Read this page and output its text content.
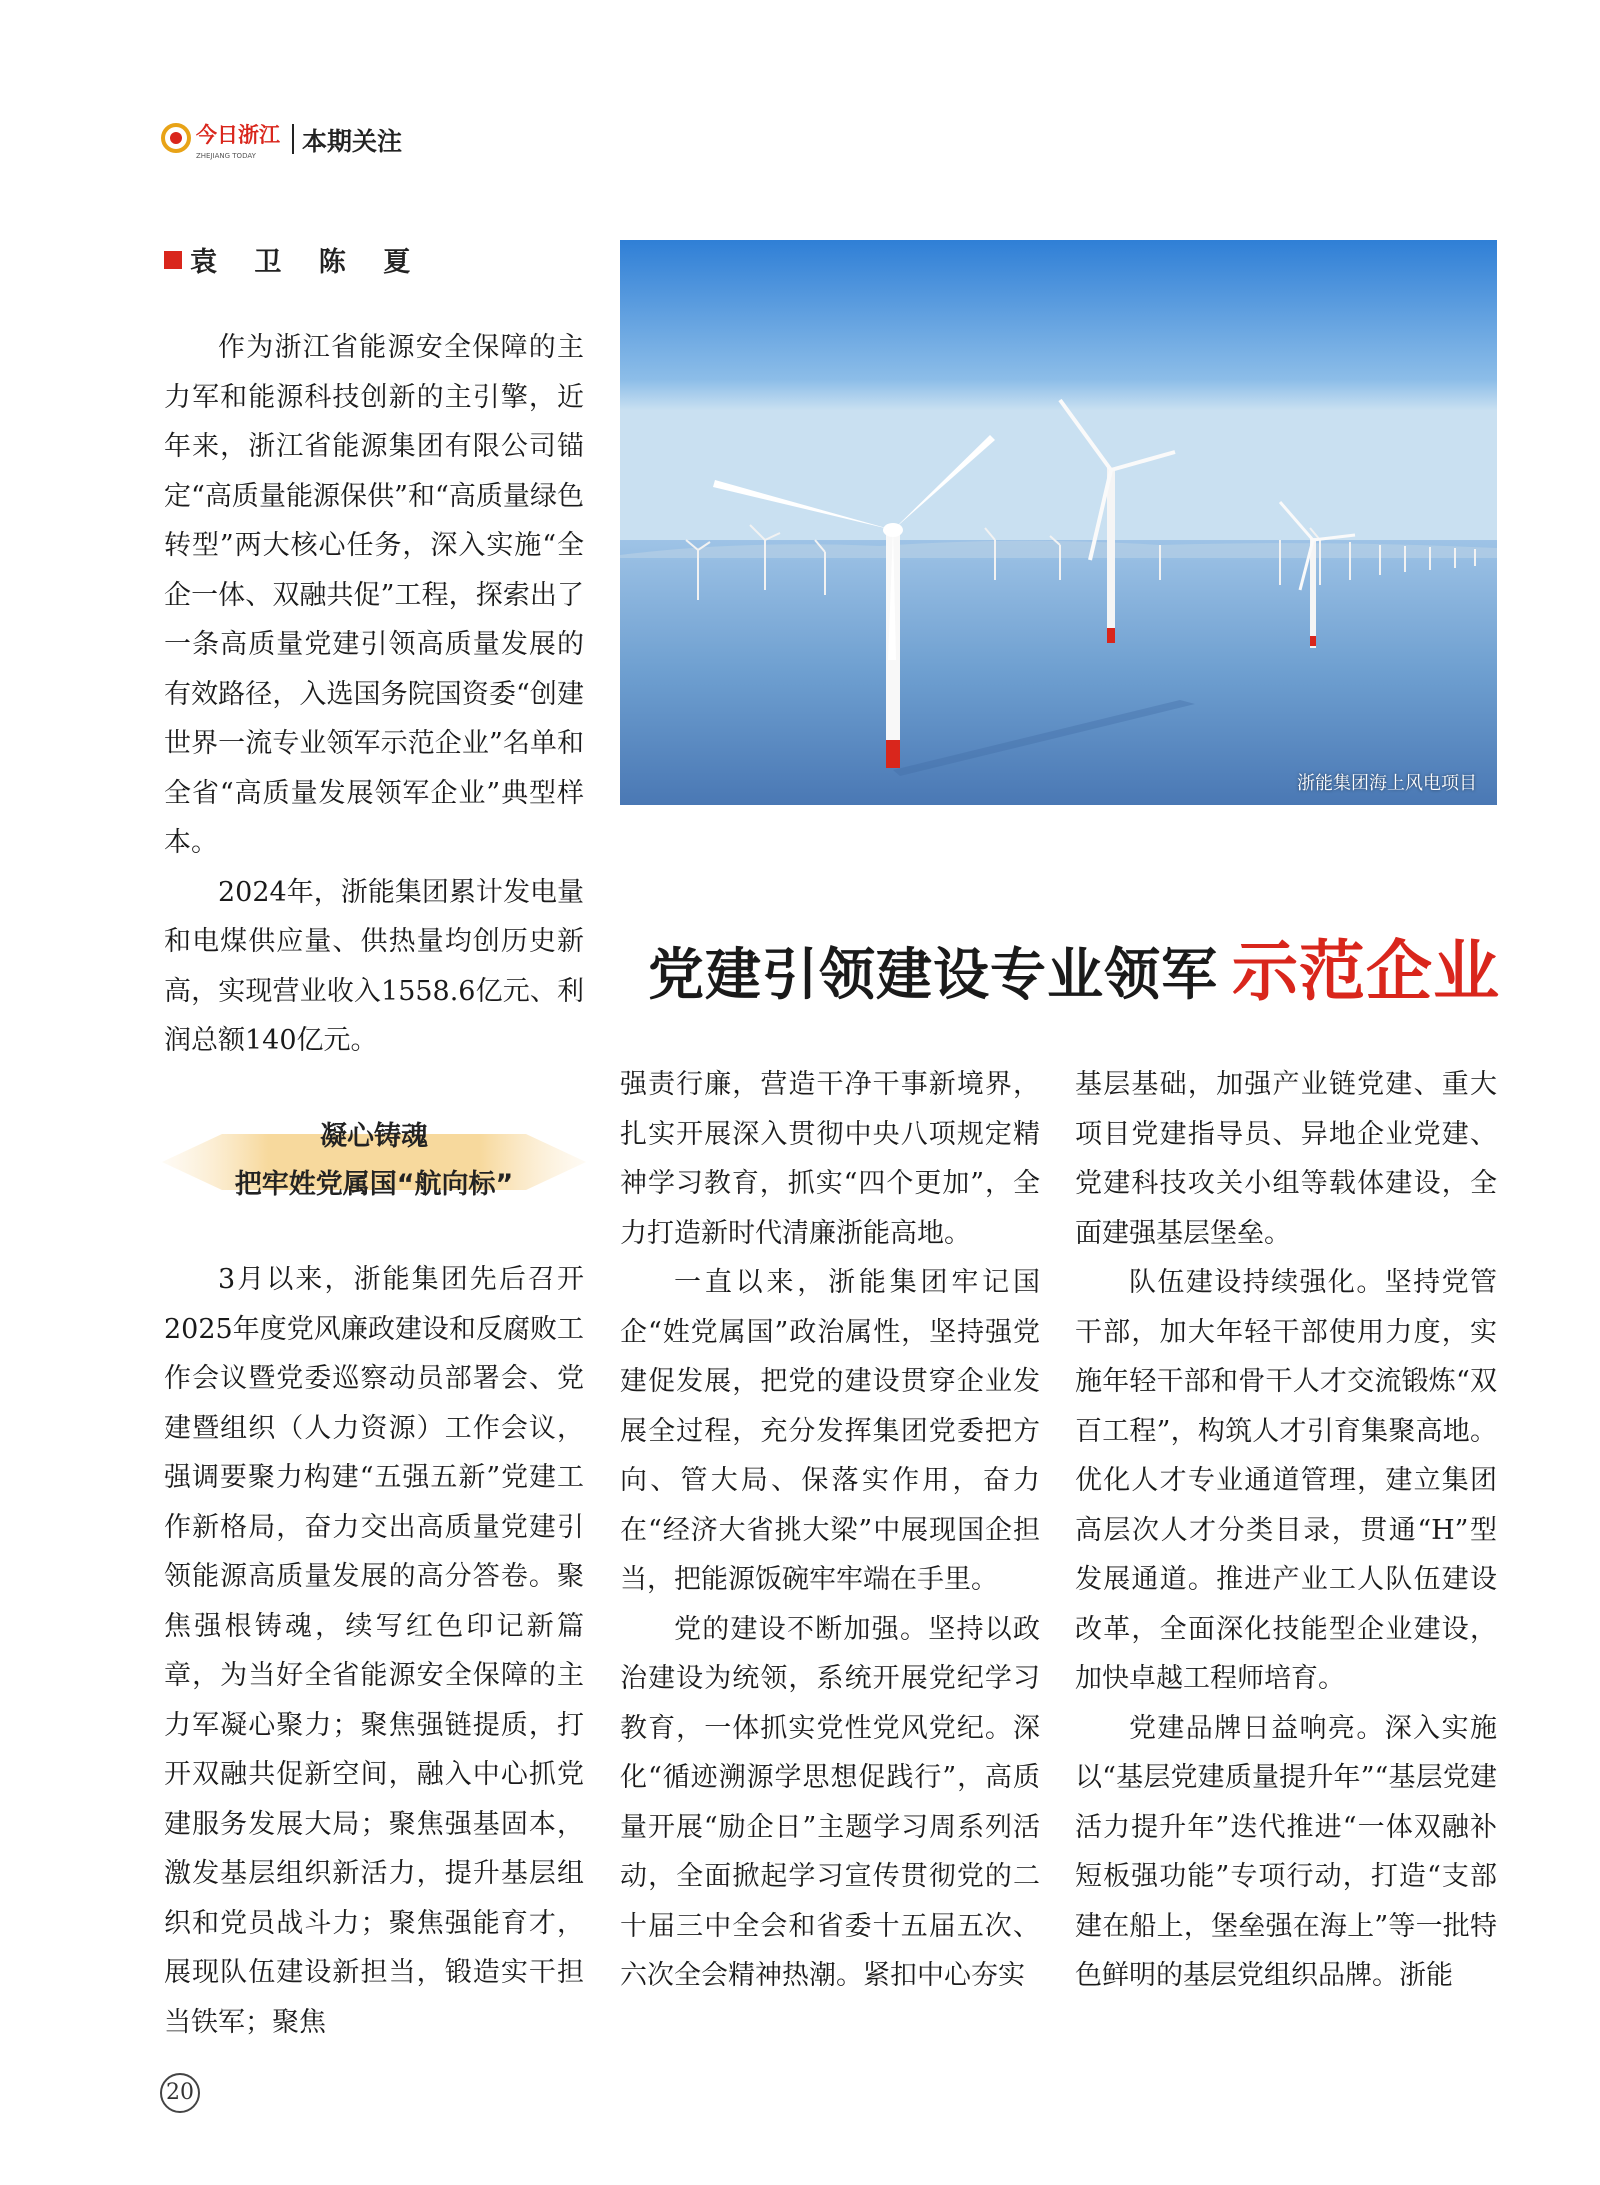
今日浙江
ZHEJIANG TODAY 本期关注
袁 卫 陈 夏

作为浙江省能源安全保障的主力军和能源科技创新的主引擎，近年来，浙江省能源集团有限公司锚定“高质量能源保供”和“高质量绿色转型”两大核心任务，深入实施“全企一体、双融共促”工程，探索出了一条高质量党建引领高质量发展的有效路径，入选国务院国资委“创建世界一流专业领军示范企业”名单和全省“高质量发展领军企业”典型样本。

2024年，浙能集团累计发电量和电煤供应量、供热量均创历史新高，实现营业收入1558.6亿元、利润总额140亿元。

浙能集团海上风电项目
党建引领建设专业领军 示范企业
凝心铸魂
把牢姓党属国“航向标”

3月以来，浙能集团先后召开2025年度党风廉政建设和反腐败工作会议暨党委巡察动员部署会、党建暨组织（人力资源）工作会议，强调要聚力构建“五强五新”党建工作新格局，奋力交出高质量党建引领能源高质量发展的高分答卷。聚焦强根铸魂，续写红色印记新篇章，为当好全省能源安全保障的主力军凝心聚力；聚焦强链提质，打开双融共促新空间，融入中心抓党建服务发展大局；聚焦强基固本，激发基层组织新活力，提升基层组织和党员战斗力；聚焦强能育才，展现队伍建设新担当，锻造实干担当铁军；聚焦

强责行廉，营造干净干事新境界，扎实开展深入贯彻中央八项规定精神学习教育，抓实“四个更加”，全力打造新时代清廉浙能高地。

一直以来，浙能集团牢记国企“姓党属国”政治属性，坚持强党建促发展，把党的建设贯穿企业发展全过程，充分发挥集团党委把方向、管大局、保落实作用，奋力在“经济大省挑大梁”中展现国企担当，把能源饭碗牢牢端在手里。

党的建设不断加强。坚持以政治建设为统领，系统开展党纪学习教育，一体抓实党性党风党纪。深化“循迹溯源学思想促践行”，高质量开展“励企日”主题学习周系列活动，全面掀起学习宣传贯彻党的二十届三中全会和省委十五届五次、六次全会精神热潮。紧扣中心夯实

基层基础，加强产业链党建、重大项目党建指导员、异地企业党建、党建科技攻关小组等载体建设，全面建强基层堡垒。

队伍建设持续强化。坚持党管干部，加大年轻干部使用力度，实施年轻干部和骨干人才交流锻炼“双百工程”，构筑人才引育集聚高地。优化人才专业通道管理，建立集团高层次人才分类目录，贯通“H”型发展通道。推进产业工人队伍建设改革，全面深化技能型企业建设，加快卓越工程师培育。

党建品牌日益响亮。深入实施以“基层党建质量提升年”“基层党建活力提升年”迭代推进“一体双融补短板强功能”专项行动，打造“支部建在船上，堡垒强在海上”等一批特色鲜明的基层党组织品牌。浙能

20
